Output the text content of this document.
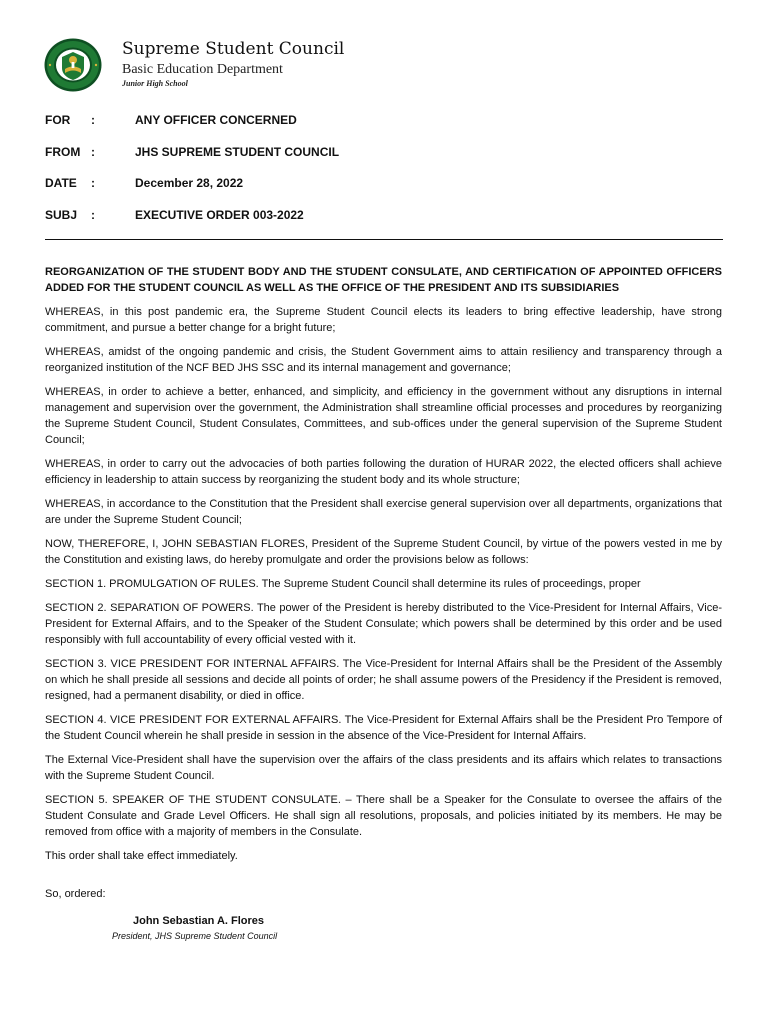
Supreme Student Council
Basic Education Department
Junior High School
FOR	:	ANY OFFICER CONCERNED
FROM :	JHS SUPREME STUDENT COUNCIL
DATE	:	December 28, 2022
SUBJ	:	EXECUTIVE ORDER 003-2022

REORGANIZATION OF THE STUDENT BODY AND THE STUDENT CONSULATE, AND CERTIFICATION OF APPOINTED OFFICERS ADDED FOR THE STUDENT COUNCIL AS WELL AS THE OFFICE OF THE PRESIDENT AND ITS SUBSIDIARIES

WHEREAS, in this post pandemic era, the Supreme Student Council elects its leaders to bring effective leadership, have strong commitment, and pursue a better change for a bright future;

WHEREAS, amidst of the ongoing pandemic and crisis, the Student Government aims to attain resiliency and transparency through a reorganized institution of the NCF BED JHS SSC and its internal management and governance;

WHEREAS, in order to achieve a better, enhanced, and simplicity, and efficiency in the government without any disruptions in internal management and supervision over the government, the Administration shall streamline official processes and procedures by reorganizing the Supreme Student Council, Student Consulates, Committees, and sub-offices under the general supervision of the Supreme Student Council;

WHEREAS, in order to carry out the advocacies of both parties following the duration of HURAR 2022, the elected officers shall achieve efficiency in leadership to attain success by reorganizing the student body and its whole structure;

WHEREAS, in accordance to the Constitution that the President shall exercise general supervision over all departments, organizations that are under the Supreme Student Council;

NOW, THEREFORE, I, JOHN SEBASTIAN FLORES, President of the Supreme Student Council, by virtue of the powers vested in me by the Constitution and existing laws, do hereby promulgate and order the provisions below as follows:

SECTION 1. PROMULGATION OF RULES. The Supreme Student Council shall determine its rules of proceedings, proper

SECTION 2. SEPARATION OF POWERS. The power of the President is hereby distributed to the Vice-President for Internal Affairs, Vice-President for External Affairs, and to the Speaker of the Student Consulate; which powers shall be determined by this order and be used responsibly with full accountability of every official vested with it.

SECTION 3. VICE PRESIDENT FOR INTERNAL AFFAIRS. The Vice-President for Internal Affairs shall be the President of the Assembly on which he shall preside all sessions and decide all points of order; he shall assume powers of the Presidency if the President is removed, resigned, had a permanent disability, or died in office.

SECTION 4. VICE PRESIDENT FOR EXTERNAL AFFAIRS. The Vice-President for External Affairs shall be the President Pro Tempore of the Student Council wherein he shall preside in session in the absence of the Vice-President for Internal Affairs.

The External Vice-President shall have the supervision over the affairs of the class presidents and its affairs which relates to transactions with the Supreme Student Council.

SECTION 5. SPEAKER OF THE STUDENT CONSULATE. – There shall be a Speaker for the Consulate to oversee the affairs of the Student Consulate and Grade Level Officers. He shall sign all resolutions, proposals, and policies initiated by its members. He may be removed from office with a majority of members in the Consulate.

This order shall take effect immediately.

So, ordered:

John Sebastian A. Flores

President, JHS Supreme Student Council
